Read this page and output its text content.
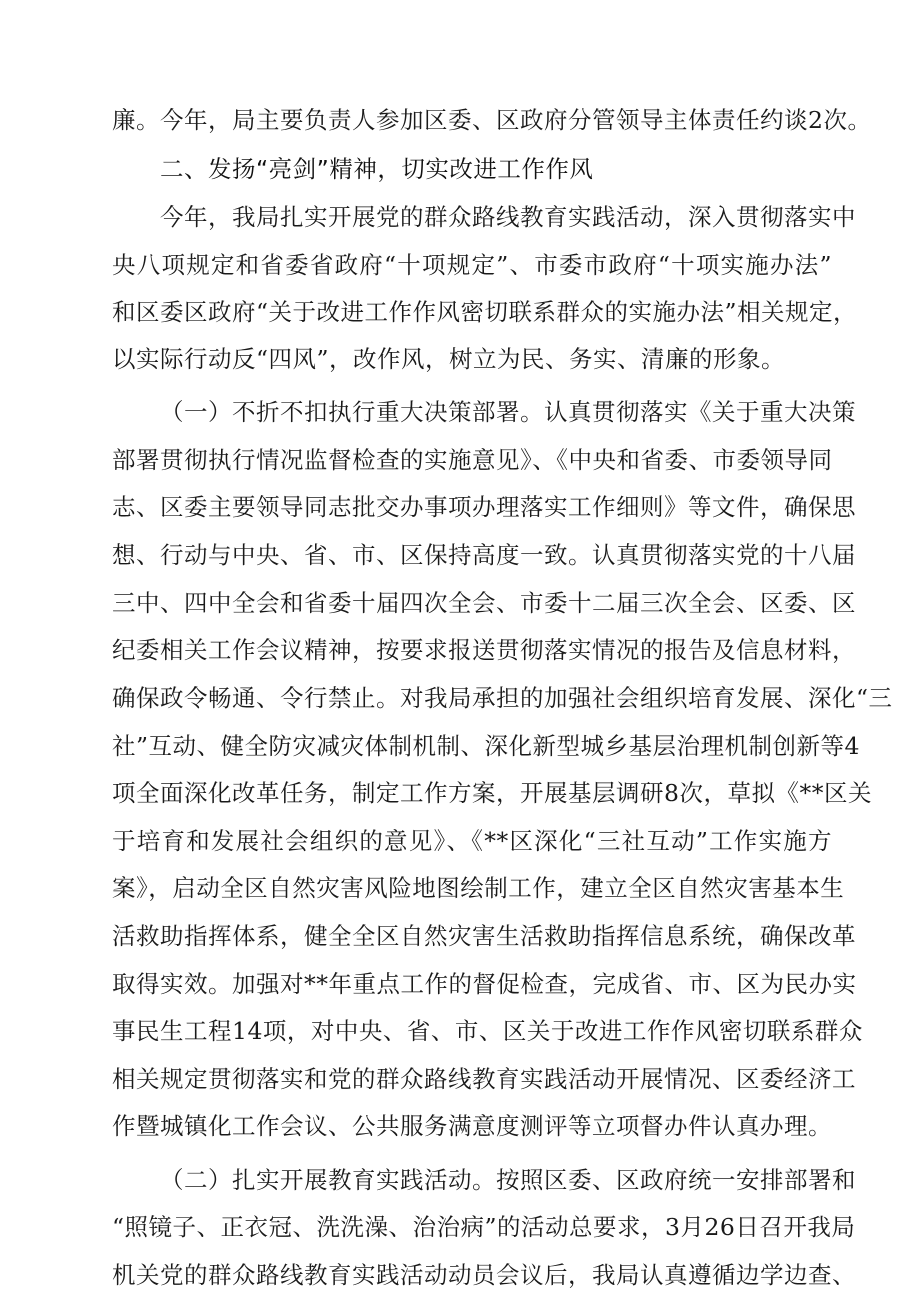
廉。今年，局主要负责人参加区委、区政府分管领导主体责任约谈2次。
二、发扬“亮剑”精神，切实改进工作作风
今年，我局扎实开展党的群众路线教育实践活动，深入贯彻落实中
央八项规定和省委省政府“十项规定”、市委市政府“十项实施办法”
和区委区政府“关于改进工作作风密切联系群众的实施办法”相关规定，
以实际行动反“四风”，改作风，树立为民、务实、清廉的形象。
（一）不折不扣执行重大决策部署。认真贯彻落实《关于重大决策
部署贯彻执行情况监督检查的实施意见》、《中央和省委、市委领导同
志、区委主要领导同志批交办事项办理落实工作细则》等文件，确保思
想、行动与中央、省、市、区保持高度一致。认真贯彻落实党的十八届
三中、四中全会和省委十届四次全会、市委十二届三次全会、区委、区
纪委相关工作会议精神，按要求报送贯彻落实情况的报告及信息材料，
确保政令畅通、令行禁止。对我局承担的加强社会组织培育发展、深化“三
社”互动、健全防灾减灾体制机制、深化新型城乡基层治理机制创新等4
项全面深化改革任务，制定工作方案，开展基层调研8次，草拟《**区关
于培育和发展社会组织的意见》、《**区深化“三社互动”工作实施方
案》，启动全区自然灾害风险地图绘制工作，建立全区自然灾害基本生
活救助指挥体系，健全全区自然灾害生活救助指挥信息系统，确保改革
取得实效。加强对**年重点工作的督促检查，完成省、市、区为民办实
事民生工程14项，对中央、省、市、区关于改进工作作风密切联系群众
相关规定贯彻落实和党的群众路线教育实践活动开展情况、区委经济工
作暨城镇化工作会议、公共服务满意度测评等立项督办件认真办理。
（二）扎实开展教育实践活动。按照区委、区政府统一安排部署和
“照镜子、正衣冠、洗洗澡、治治病”的活动总要求，3月26日召开我局
机关党的群众路线教育实践活动动员会议后，我局认真遵循边学边查、
